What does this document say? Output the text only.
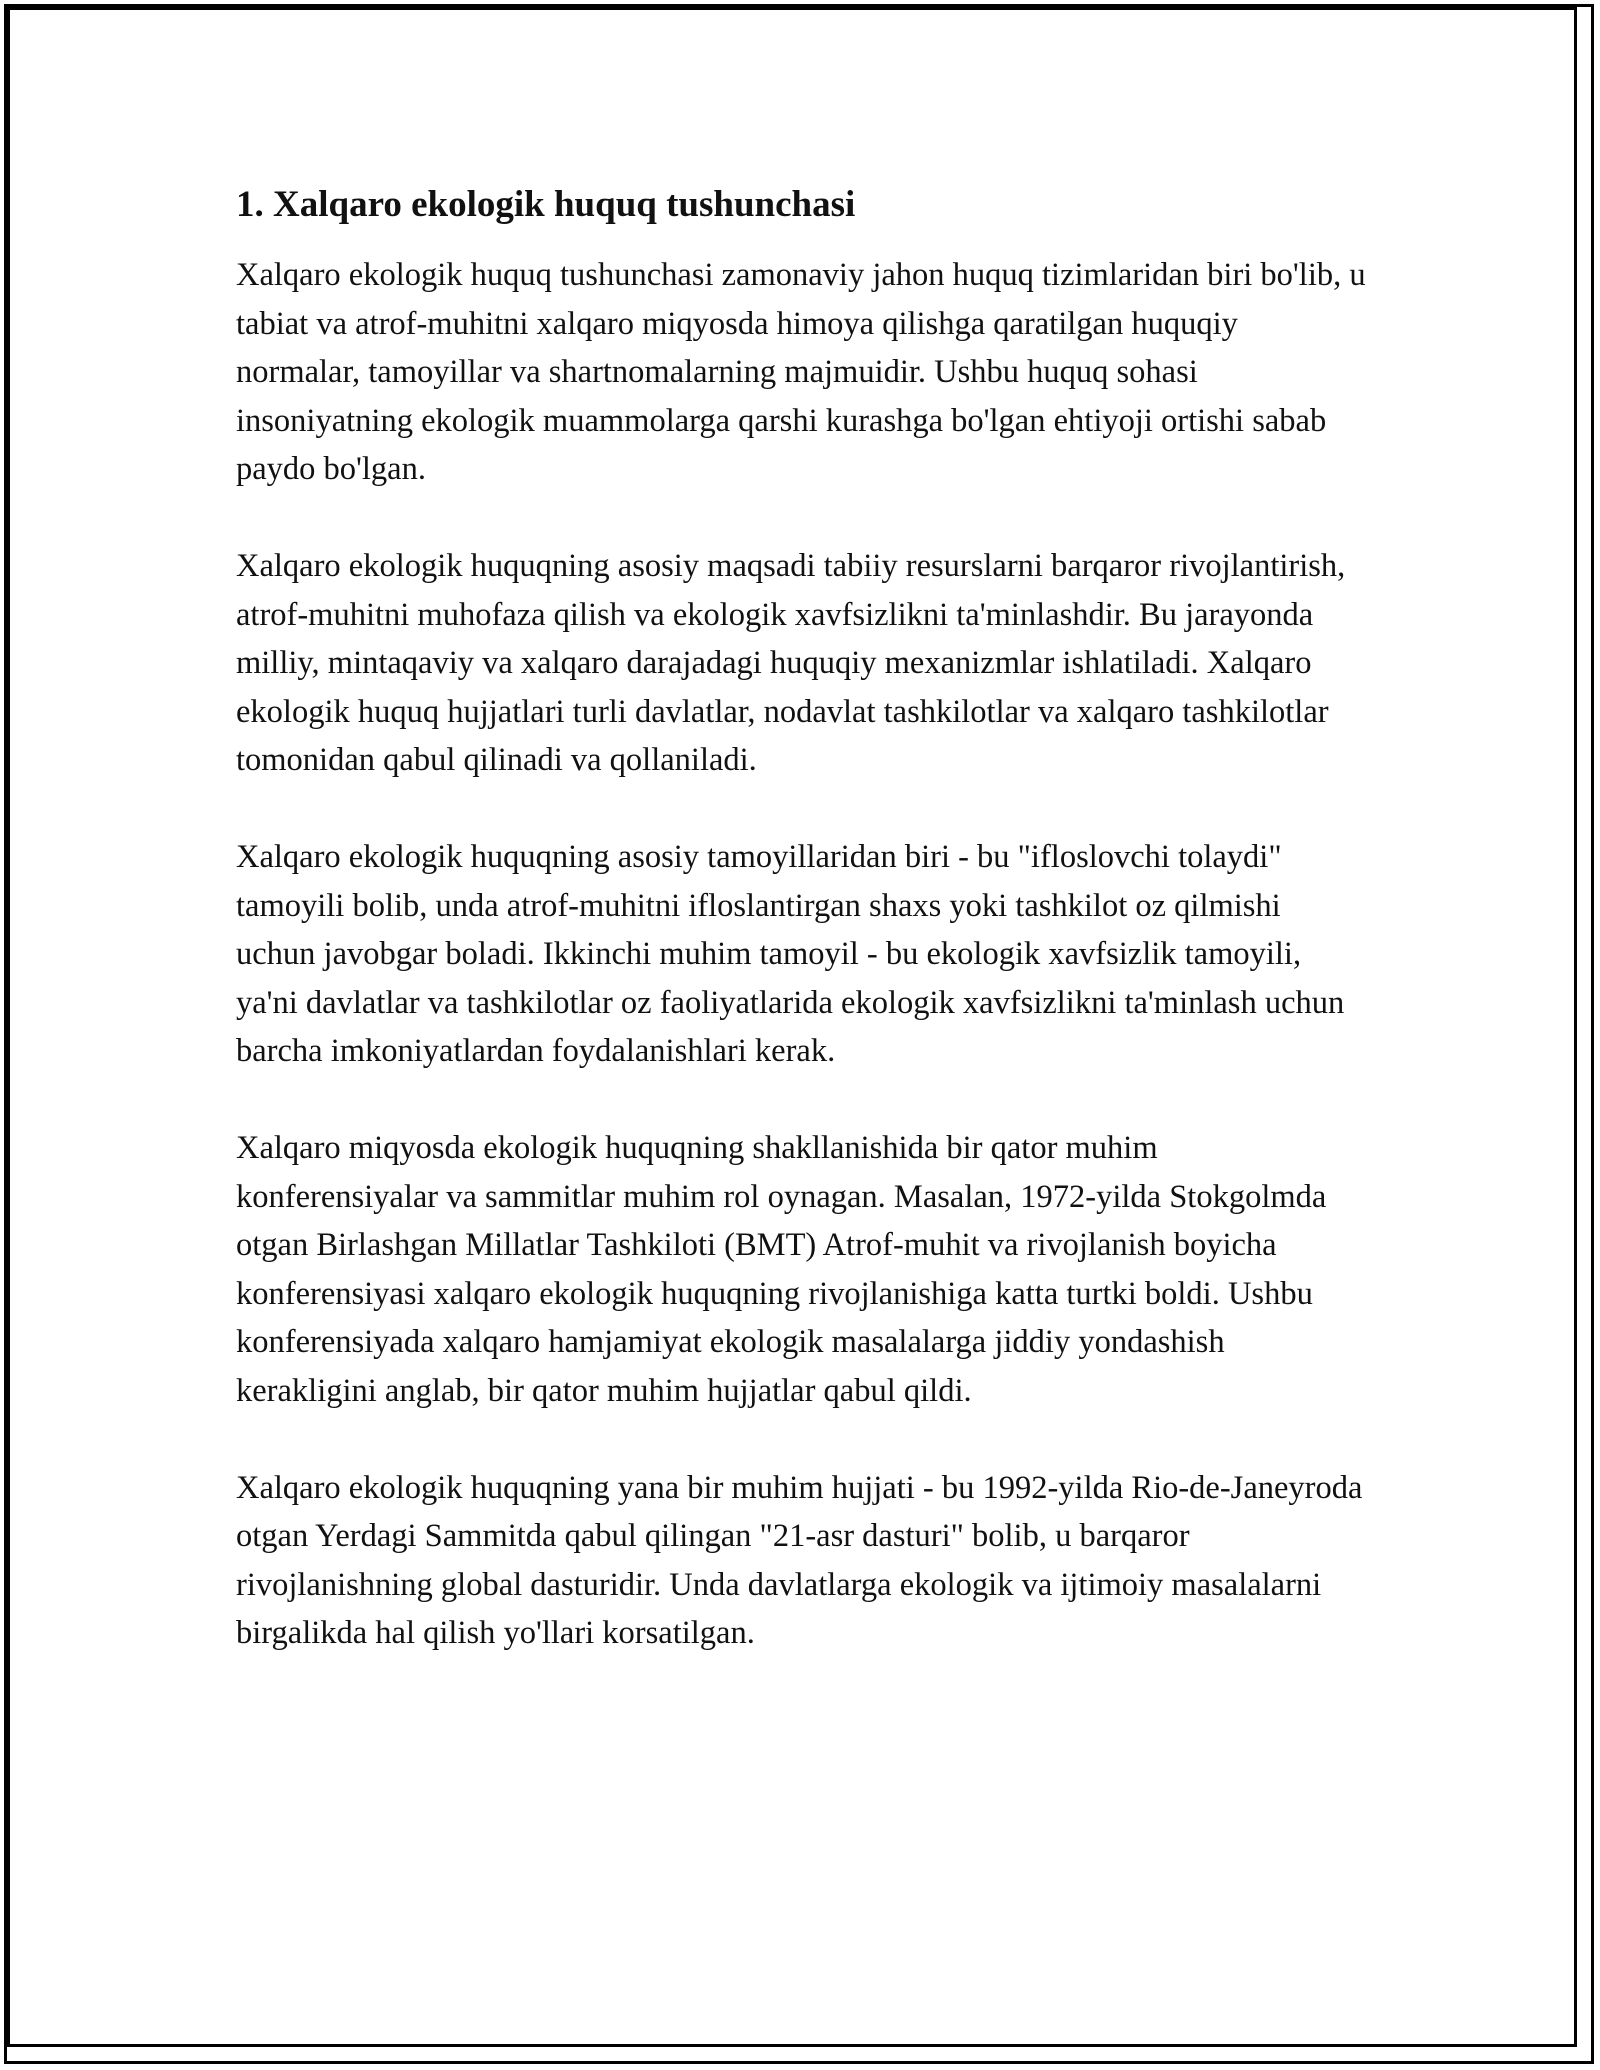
1. Xalqaro ekologik huquq tushunchasi

Xalqaro ekologik huquq tushunchasi zamonaviy jahon huquq tizimlaridan biri bo'lib, u tabiat va atrof-muhitni xalqaro miqyosda himoya qilishga qaratilgan huquqiy normalar, tamoyillar va shartnomalarning majmuidir. Ushbu huquq sohasi insoniyatning ekologik muammolarga qarshi kurashga bo'lgan ehtiyoji ortishi sabab paydo bo'lgan.

Xalqaro ekologik huquqning asosiy maqsadi tabiiy resurslarni barqaror rivojlantirish, atrof-muhitni muhofaza qilish va ekologik xavfsizlikni ta'minlashdir. Bu jarayonda milliy, mintaqaviy va xalqaro darajadagi huquqiy mexanizmlar ishlatiladi. Xalqaro ekologik huquq hujjatlari turli davlatlar, nodavlat tashkilotlar va xalqaro tashkilotlar tomonidan qabul qilinadi va qollaniladi.

Xalqaro ekologik huquqning asosiy tamoyillaridan biri - bu "ifloslovchi tolaydi" tamoyili bolib, unda atrof-muhitni ifloslantirgan shaxs yoki tashkilot oz qilmishi uchun javobgar boladi. Ikkinchi muhim tamoyil - bu ekologik xavfsizlik tamoyili, ya'ni davlatlar va tashkilotlar oz faoliyatlarida ekologik xavfsizlikni ta'minlash uchun barcha imkoniyatlardan foydalanishlari kerak.

Xalqaro miqyosda ekologik huquqning shakllanishida bir qator muhim konferensiyalar va sammitlar muhim rol oynagan. Masalan, 1972-yilda Stokgolmda otgan Birlashgan Millatlar Tashkiloti (BMT) Atrof-muhit va rivojlanish boyicha konferensiyasi xalqaro ekologik huquqning rivojlanishiga katta turtki boldi. Ushbu konferensiyada xalqaro hamjamiyat ekologik masalalarga jiddiy yondashish kerakligini anglab, bir qator muhim hujjatlar qabul qildi.

Xalqaro ekologik huquqning yana bir muhim hujjati - bu 1992-yilda Rio-de-Janeyroda otgan Yerdagi Sammitda qabul qilingan "21-asr dasturi" bolib, u barqaror rivojlanishning global dasturidir. Unda davlatlarga ekologik va ijtimoiy masalalarni birgalikda hal qilish yo'llari korsatilgan.
